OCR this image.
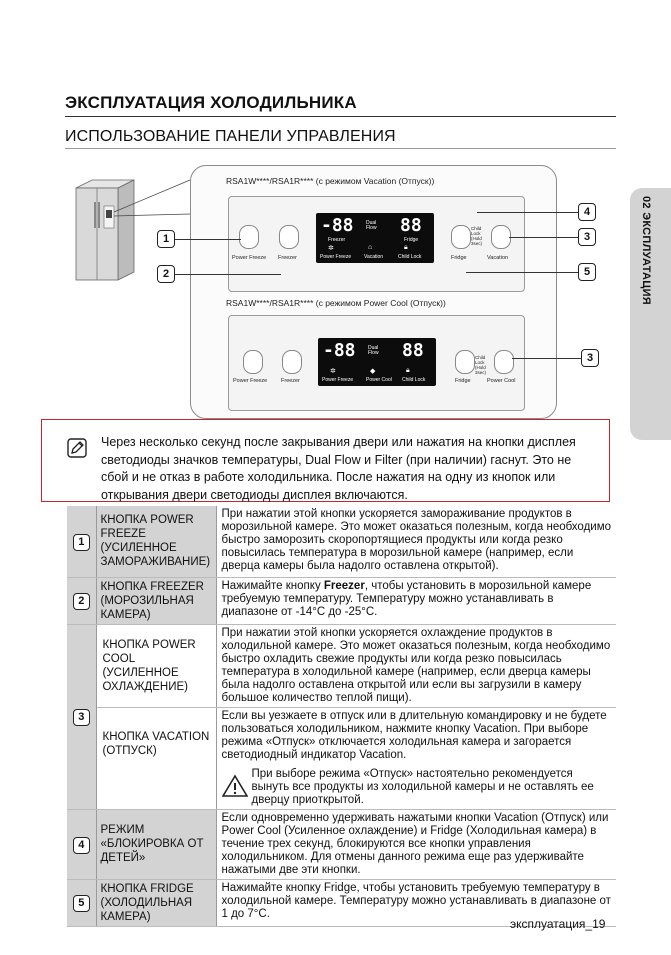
ЭКСПЛУАТАЦИЯ ХОЛОДИЛЬНИКА
ИСПОЛЬЗОВАНИЕ ПАНЕЛИ УПРАВЛЕНИЯ
02 ЭКСПЛУАТАЦИЯ
RSA1W****/RSA1R**** (с режимом Vacation (Отпуск))
Power Freeze Freezer
-88 Dual Flow	88
Freezer	Fridge
✲	⌂	🔒︎
Power Freeze	Vacation	Child Lock	Fridge
Child Lock (Hold 3sec)
Vacation
RSA1W****/RSA1R**** (с режимом Power Cool (Отпуск))
Power Freeze	Freezer
-88 Dual Flow	88
✲	◆	🔒︎
Power Freeze	Power Cool Child Lock	Fridge
Child Lock (Hold 3sec)
Power Cool
1
2
4
3
5
3
Через несколько секунд после закрывания двери или нажатия на кнопки дисплея светодиоды значков температуры, Dual Flow и Filter (при наличии) гаснут. Это не сбой и не отказ в работе холодильника. После нажатия на одну из кнопок или открывания двери светодиоды дисплея включаются.
1	КНОПКА POWER FREEZE (УСИЛЕННОЕ ЗАМОРАЖИВАНИЕ)	При нажатии этой кнопки ускоряется замораживание продуктов в морозильной камере. Это может оказаться полезным, когда необходимо быстро заморозить скоропортящиеся продукты или когда резко повысилась температура в морозильной камере (например, если дверца камеры была надолго оставлена открытой).
2	КНОПКА FREEZER (МОРОЗИЛЬНАЯ КАМЕРА)	Нажимайте кнопку Freezer, чтобы установить в морозильной камере требуемую температуру. Температуру можно устанавливать в диапазоне от -14°C до -25°C.
3	КНОПКА POWER COOL (УСИЛЕННОЕ ОХЛАЖДЕНИЕ)	При нажатии этой кнопки ускоряется охлаждение продуктов в холодильной камере. Это может оказаться полезным, когда необходимо быстро охладить свежие продукты или когда резко повысилась температура в холодильной камере (например, если дверца камеры была надолго оставлена открытой или если вы загрузили в камеру большое количество теплой пищи).
	КНОПКА VACATION (ОТПУСК)	Если вы уезжаете в отпуск или в длительную командировку и не будете пользоваться холодильником, нажмите кнопку Vacation. При выборе режима «Отпуск» отключается холодильная камера и загорается светодиодный индикатор Vacation.
При выборе режима «Отпуск» настоятельно рекомендуется вынуть все продукты из холодильной камеры и не оставлять ее дверцу приоткрытой.

4	РЕЖИМ «БЛОКИРОВКА ОТ ДЕТЕЙ»	Если одновременно удерживать нажатыми кнопки Vacation (Отпуск) или Power Cool (Усиленное охлаждение) и Fridge (Холодильная камера) в течение трех секунд, блокируются все кнопки управления холодильником. Для отмены данного режима еще раз удерживайте нажатыми две эти кнопки.
5	КНОПКА FRIDGE (ХОЛОДИЛЬНАЯ КАМЕРА)	Нажимайте кнопку Fridge, чтобы установить требуемую температуру в холодильной камере. Температуру можно устанавливать в диапазоне от 1 до 7°C.
эксплуатация_19
